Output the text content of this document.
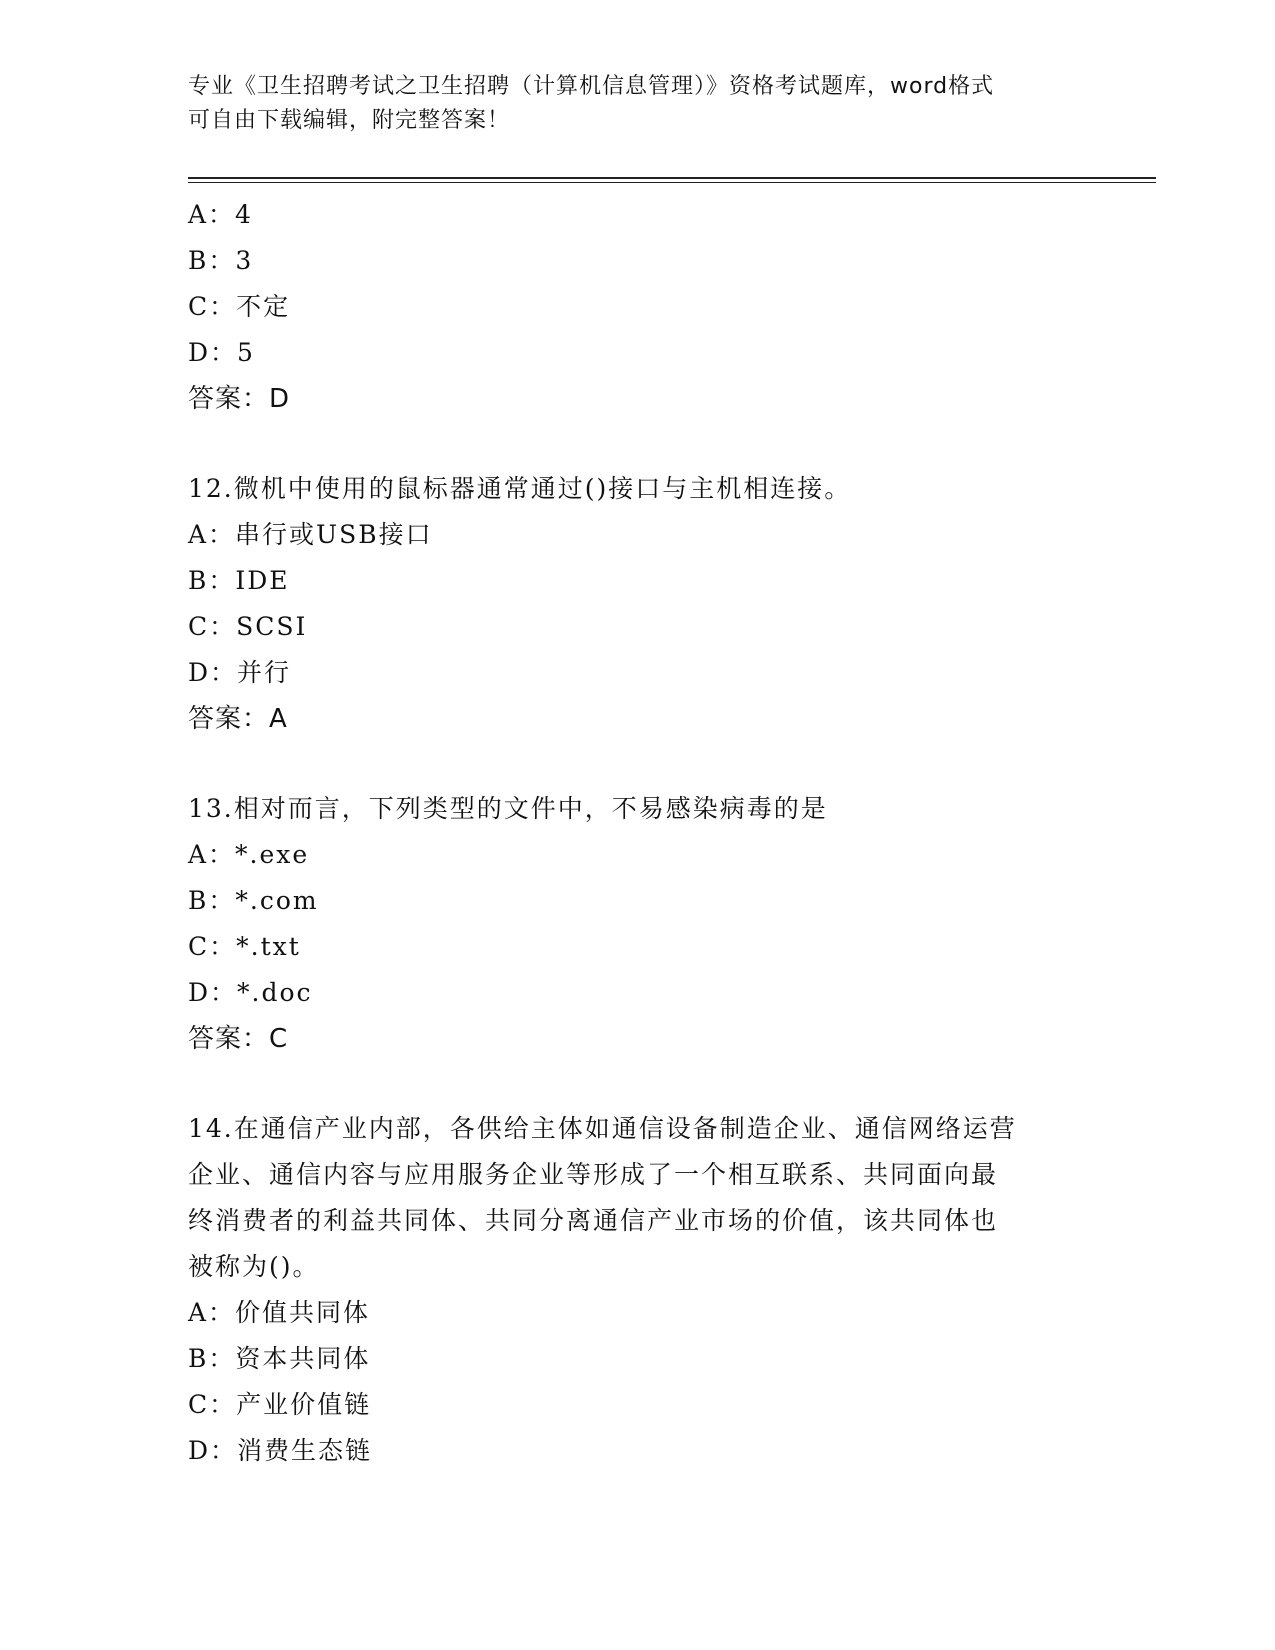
专业《卫生招聘考试之卫生招聘（计算机信息管理）》资格考试题库，word格式
可自由下载编辑，附完整答案！
A：4
B：3
C：不定
D：5
答案：D
12.微机中使用的鼠标器通常通过()接口与主机相连接。
A：串行或USB接口
B：IDE
C：SCSI
D：并行
答案：A
13.相对而言，下列类型的文件中，不易感染病毒的是
A：*.exe
B：*.com
C：*.txt
D：*.doc
答案：C
14.在通信产业内部，各供给主体如通信设备制造企业、通信网络运营
企业、通信内容与应用服务企业等形成了一个相互联系、共同面向最
终消费者的利益共同体、共同分离通信产业市场的价值，该共同体也
被称为()。
A：价值共同体
B：资本共同体
C：产业价值链
D：消费生态链
